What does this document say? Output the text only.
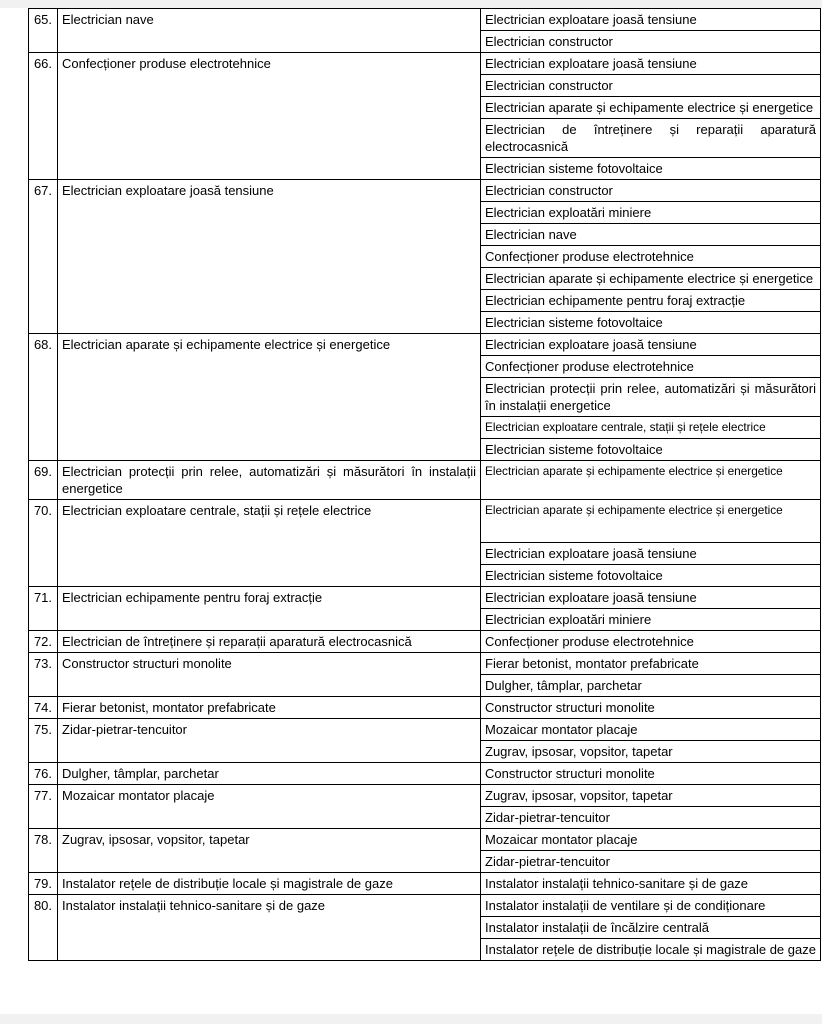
65.	Electrician nave	Electrician exploatare joasă tensiune
		Electrician constructor
66.	Confecționer produse electrotehnice	Electrician exploatare joasă tensiune
		Electrician constructor
		Electrician aparate și echipamente electrice și energetice
		Electrician de întreținere și reparații aparatură electrocasnică
		Electrician sisteme fotovoltaice
67.	Electrician exploatare joasă tensiune	Electrician constructor
		Electrician exploatări miniere
		Electrician nave
		Confecționer produse electrotehnice
		Electrician aparate și echipamente electrice și energetice
		Electrician echipamente pentru foraj extracție
		Electrician sisteme fotovoltaice
68.	Electrician aparate și echipamente electrice și energetice	Electrician exploatare joasă tensiune
		Confecționer produse electrotehnice
		Electrician protecții prin relee, automatizări și măsurători în instalații energetice
		Electrician exploatare centrale, stații și rețele electrice
		Electrician sisteme fotovoltaice
69.	Electrician protecții prin relee, automatizări și măsurători în instalații energetice	Electrician aparate și echipamente electrice și energetice
70.	Electrician exploatare centrale, stații și rețele electrice	Electrician aparate și echipamente electrice și energetice
		Electrician exploatare joasă tensiune
		Electrician sisteme fotovoltaice
71.	Electrician echipamente pentru foraj extracție	Electrician exploatare joasă tensiune
		Electrician exploatări miniere
72.	Electrician de întreținere și reparații aparatură electrocasnică	Confecționer produse electrotehnice
73.	Constructor structuri monolite	Fierar betonist, montator prefabricate
		Dulgher, tâmplar, parchetar
74.	Fierar betonist, montator prefabricate	Constructor structuri monolite
75.	Zidar-pietrar-tencuitor	Mozaicar montator placaje
		Zugrav, ipsosar, vopsitor, tapetar
76.	Dulgher, tâmplar, parchetar	Constructor structuri monolite
77.	Mozaicar montator placaje	Zugrav, ipsosar, vopsitor, tapetar
		Zidar-pietrar-tencuitor
78.	Zugrav, ipsosar, vopsitor, tapetar	Mozaicar montator placaje
		Zidar-pietrar-tencuitor
79.	Instalator rețele de distribuție locale și magistrale de gaze	Instalator instalații tehnico-sanitare și de gaze
80.	Instalator instalații tehnico-sanitare și de gaze	Instalator instalații de ventilare și de condiționare
		Instalator instalații de încălzire centrală
		Instalator rețele de distribuție locale și magistrale de gaze
